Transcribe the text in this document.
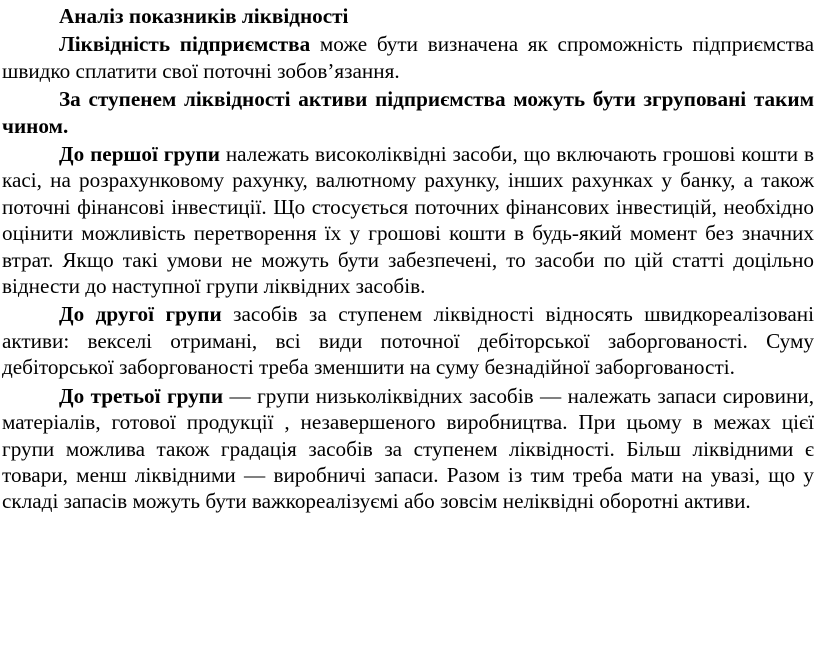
Аналіз показників ліквідності

Ліквідність підприємства може бути визначена як спроможність підприємства швидко сплатити свої поточні зобов’язання.

За ступенем ліквідності активи підприємства можуть бути згруповані таким чином.

До першої групи належать високоліквідні засоби, що включають грошові кошти в касі, на розрахунковому рахунку, валютному рахунку, інших рахунках у банку, а також поточні фінансові інвестиції. Що стосується поточних фінансових інвестицій, необхідно оцінити можливість перетворення їх у грошові кошти в будь-який момент без значних втрат. Якщо такі умови не можуть бути забезпечені, то засоби по цій статті доцільно віднести до наступної групи ліквідних засобів.

До другої групи засобів за ступенем ліквідності відносять швидкореалізовані активи: векселі отримані, всі види поточної дебіторської заборгованості. Суму дебіторської заборгованості треба зменшити на суму безнадійної заборгованості.

До третьої групи — групи низьколіквідних засобів — належать запаси сировини, матеріалів, готової продукції , незавершеного виробництва. При цьому в межах цієї групи можлива також градація засобів за ступенем ліквідності. Більш ліквідними є товари, менш ліквідними — виробничі запаси. Разом із тим треба мати на увазі, що у складі запасів можуть бути важкореалізуємі або зовсім неліквідні оборотні активи.
